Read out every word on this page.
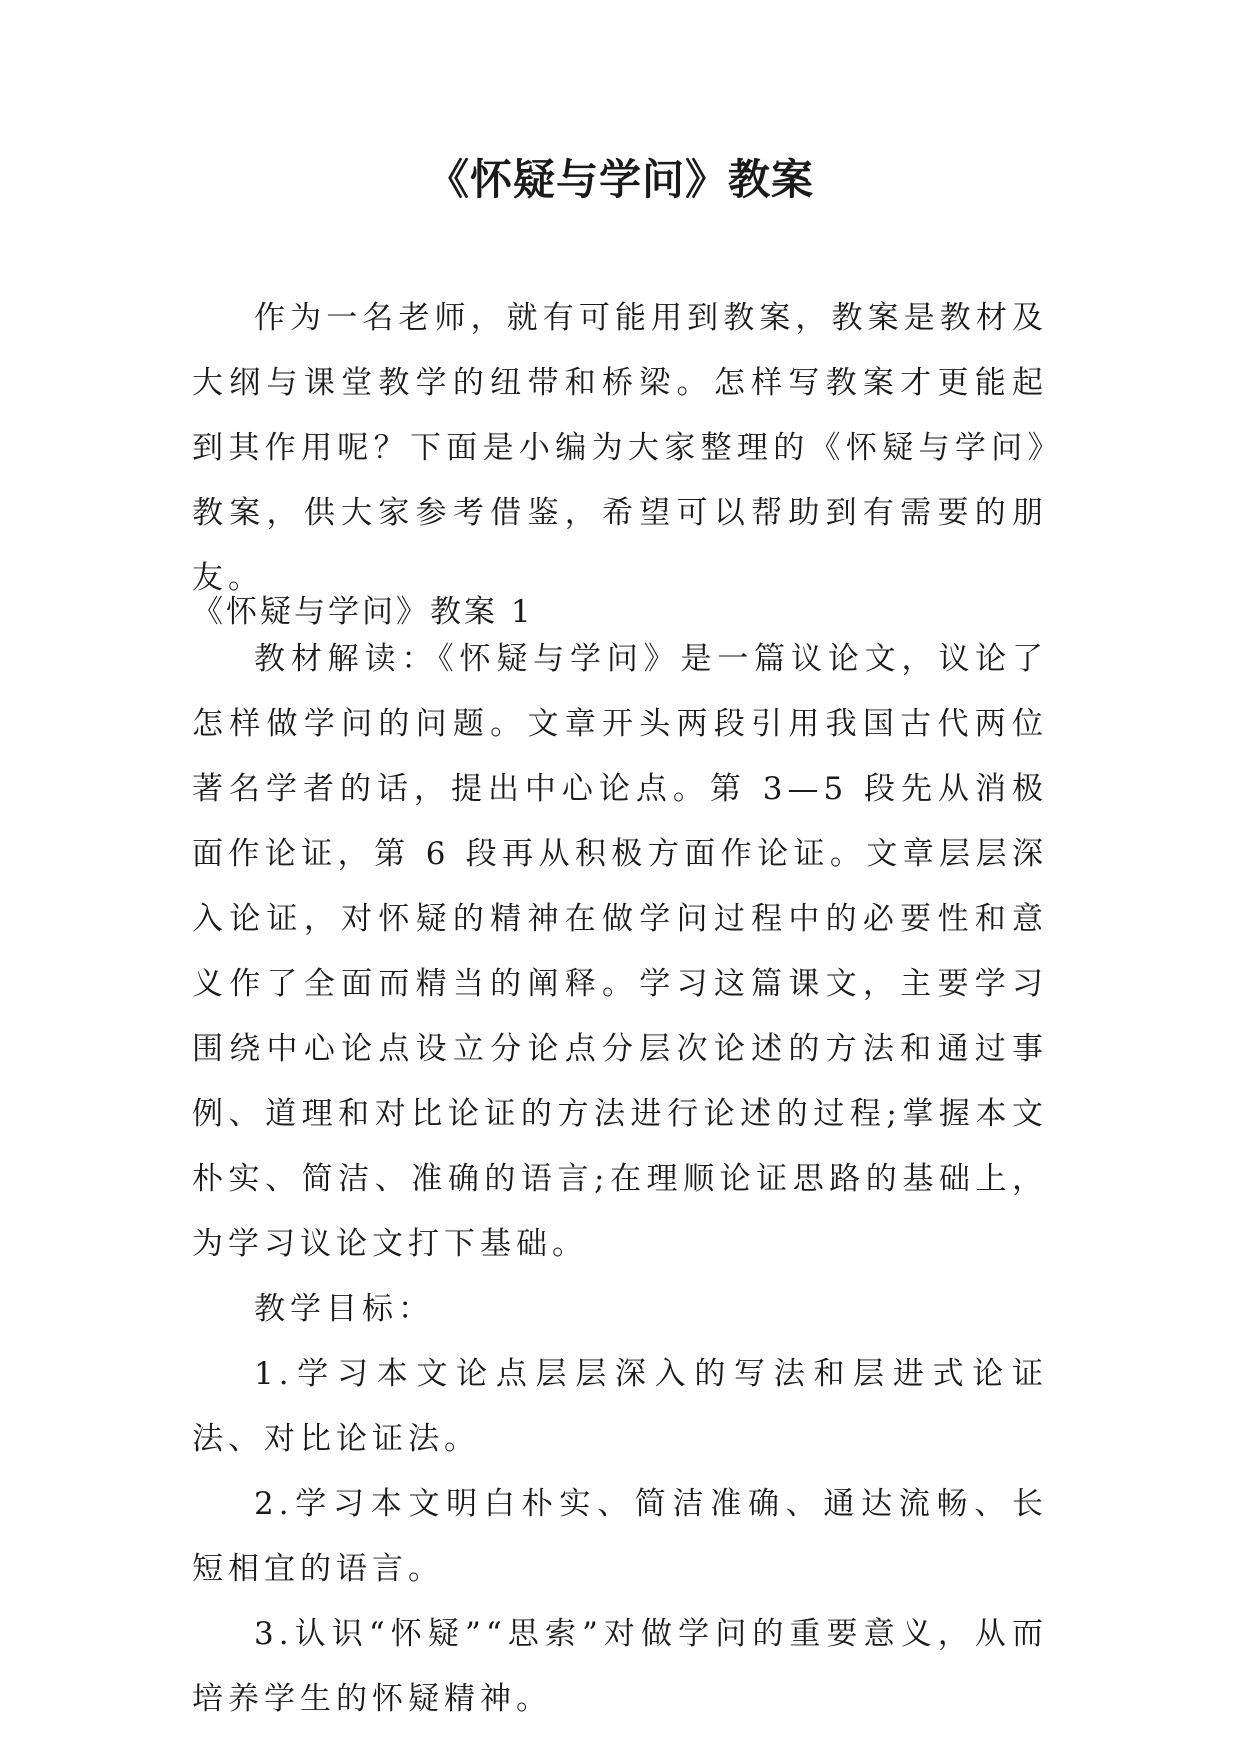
《怀疑与学问》教案

作为一名老师，就有可能用到教案，教案是教材及大纲与课堂教学的纽带和桥梁。怎样写教案才更能起到其作用呢？下面是小编为大家整理的《怀疑与学问》教案，供大家参考借鉴，希望可以帮助到有需要的朋友。

《怀疑与学问》教案 1

教材解读：《怀疑与学问》是一篇议论文，议论了怎样做学问的问题。文章开头两段引用我国古代两位著名学者的话，提出中心论点。第 3—5 段先从消极面作论证，第 6 段再从积极方面作论证。文章层层深入论证，对怀疑的精神在做学问过程中的必要性和意义作了全面而精当的阐释。学习这篇课文，主要学习围绕中心论点设立分论点分层次论述的方法和通过事例、道理和对比论证的方法进行论述的过程;掌握本文朴实、简洁、准确的语言;在理顺论证思路的基础上，为学习议论文打下基础。

教学目标：

1.学习本文论点层层深入的写法和层进式论证法、对比论证法。

2.学习本文明白朴实、简洁准确、通达流畅、长短相宜的语言。

3.认识“怀疑”“思索”对做学问的重要意义，从而培养学生的怀疑精神。
